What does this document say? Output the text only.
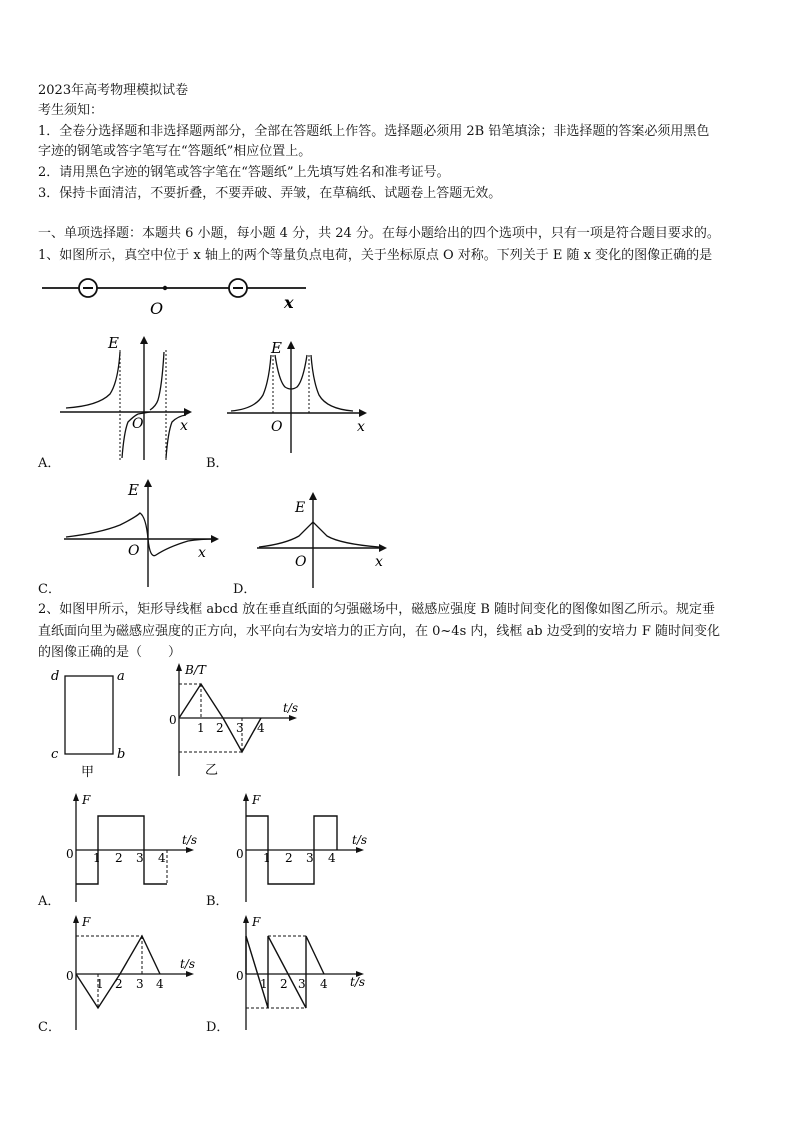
2023年高考物理模拟试卷
考生须知：
1．全卷分选择题和非选择题两部分，全部在答题纸上作答。选择题必须用 2B 铅笔填涂；非选择题的答案必须用黑色
字迹的钢笔或答字笔写在“答题纸”相应位置上。
2．请用黑色字迹的钢笔或答字笔在“答题纸”上先填写姓名和准考证号。
3．保持卡面清洁，不要折叠，不要弄破、弄皱，在草稿纸、试题卷上答题无效。
一、单项选择题：本题共 6 小题，每小题 4 分，共 24 分。在每小题给出的四个选项中，只有一项是符合题目要求的。
1、如图所示，真空中位于 x 轴上的两个等量负点电荷，关于坐标原点 O 对称。下列关于 E 随 x 变化的图像正确的是
O	x
E
O	x
A．
E
O	x
B．
E
O	x
C．
E
O	x
D．
2、如图甲所示，矩形导线框 abcd 放在垂直纸面的匀强磁场中，磁感应强度 B 随时间变化的图像如图乙所示。规定垂
直纸面向里为磁感应强度的正方向，水平向右为安培力的正方向，在 0~4s 内，线框 ab 边受到的安培力 F 随时间变化
的图像正确的是（　　）
d	a
c	b
甲
B/T
t/s
0
1 2 3 4
乙
F
t/s
0 1 2 3 4
A．
F
t/s
0 1 2 3 4
B．
F
t/s
0
1 2 3 4
C．
F
t/s
0
1 2 3 4
D．
